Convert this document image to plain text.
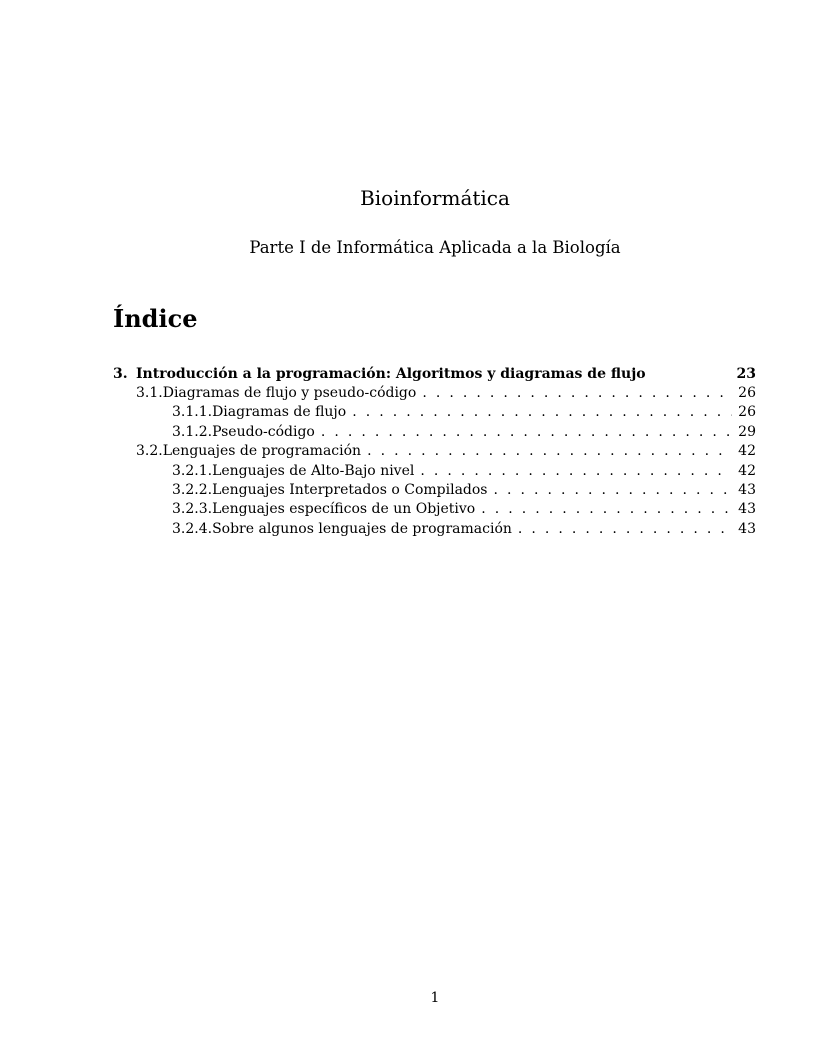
Bioinformática
Parte I de Informática Aplicada a la Biología
Índice
3. Introducción a la programación: Algoritmos y diagramas de flujo	23
3.1. Diagramas de flujo y pseudo-código . . .	26
3.1.1. Diagramas de flujo . . .	26
3.1.2. Pseudo-código . . .	29
3.2. Lenguajes de programación . . .	42
3.2.1. Lenguajes de Alto-Bajo nivel . . .	42
3.2.2. Lenguajes Interpretados o Compilados . . .	43
3.2.3. Lenguajes específicos de un Objetivo . . .	43
3.2.4. Sobre algunos lenguajes de programación . . .	43
1
